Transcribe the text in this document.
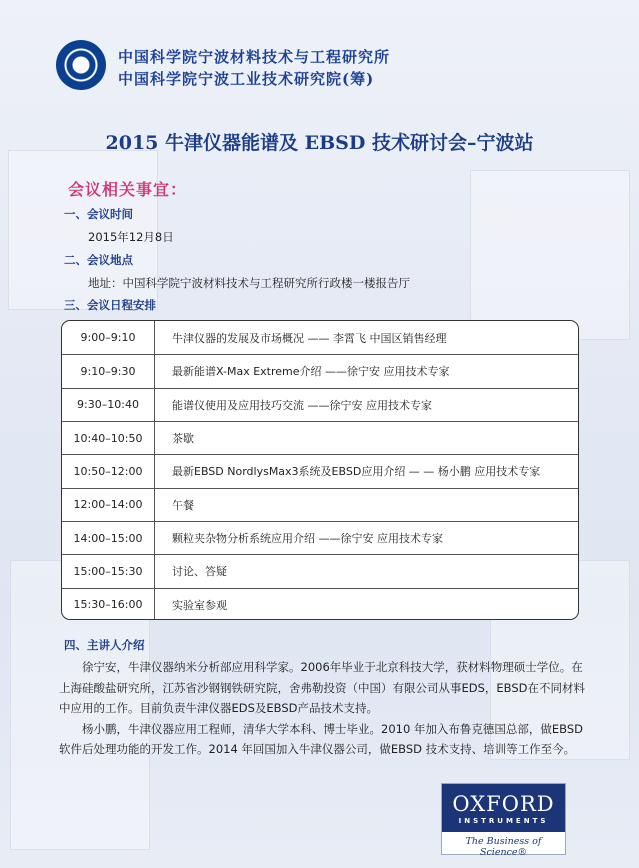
中国科学院宁波材料技术与工程研究所
中国科学院宁波工业技术研究院(筹)
2015 牛津仪器能谱及 EBSD 技术研讨会–宁波站
会议相关事宜：
一、会议时间
2015年12月8日
二、会议地点
地址：中国科学院宁波材料技术与工程研究所行政楼一楼报告厅
三、会议日程安排
9:00–9:10	牛津仪器的发展及市场概况 —— 李霄飞 中国区销售经理
9:10–9:30	最新能谱X-Max Extreme介绍 ——徐宁安 应用技术专家
9:30–10:40	能谱仪使用及应用技巧交流 ——徐宁安 应用技术专家
10:40–10:50	茶歇
10:50–12:00	最新EBSD NordlysMax3系统及EBSD应用介绍 — — 杨小鹏 应用技术专家
12:00–14:00	午餐
14:00–15:00	颗粒夹杂物分析系统应用介绍 ——徐宁安 应用技术专家
15:00–15:30	讨论、答疑
15:30–16:00	实验室参观
四、主讲人介绍

徐宁安，牛津仪器纳米分析部应用科学家。2006年毕业于北京科技大学，获材料物理硕士学位。在上海硅酸盐研究所，江苏省沙钢钢铁研究院，舍弗勒投资（中国）有限公司从事EDS，EBSD在不同材料中应用的工作。目前负责牛津仪器EDS及EBSD产品技术支持。

杨小鹏，牛津仪器应用工程师，清华大学本科、博士毕业。2010 年加入布鲁克德国总部，做EBSD 软件后处理功能的开发工作。2014 年回国加入牛津仪器公司，做EBSD 技术支持、培训等工作至今。

OXFORD
INSTRUMENTS
The Business of Science®
